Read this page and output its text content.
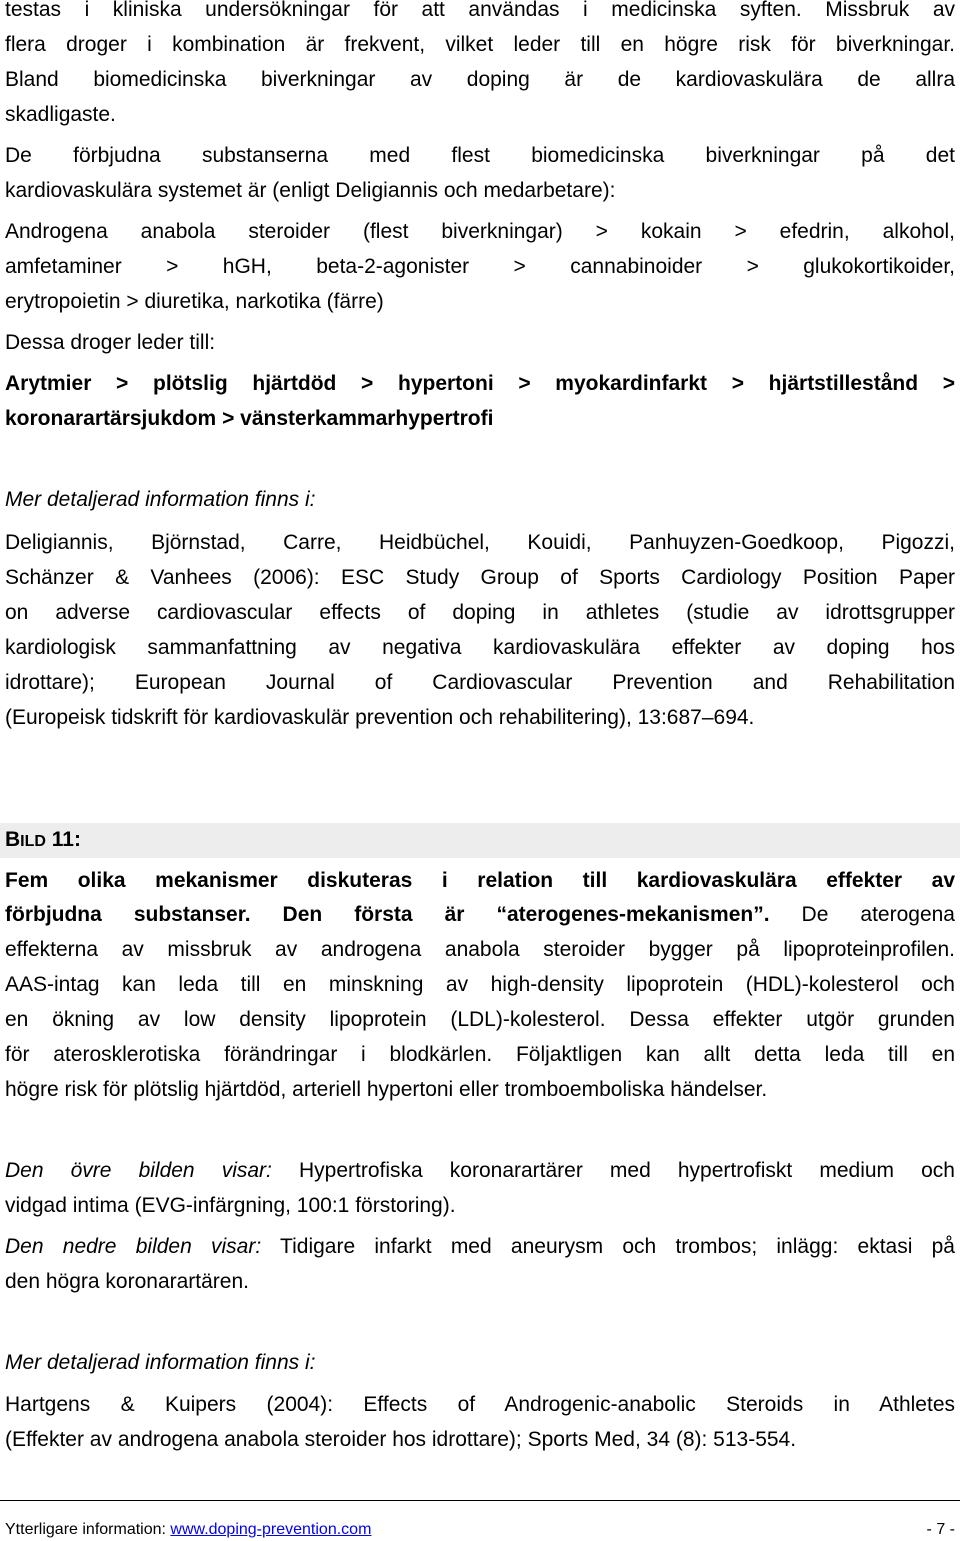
testas i kliniska undersökningar för att användas i medicinska syften. Missbruk av
flera droger i kombination är frekvent, vilket leder till en högre risk för biverkningar.
Bland biomedicinska biverkningar av doping är de kardiovaskulära de allra
skadligaste.
De förbjudna substanserna med flest biomedicinska biverkningar på det
kardiovaskulära systemet är (enligt Deligiannis och medarbetare):
Androgena anabola steroider (flest biverkningar) > kokain > efedrin, alkohol,
amfetaminer > hGH, beta-2-agonister > cannabinoider > glukokortikoider,
erytropoietin > diuretika, narkotika (färre)
Dessa droger leder till:
Arytmier > plötslig hjärtdöd > hypertoni > myokardinfarkt > hjärtstillestånd >
koronarartärsjukdom > vänsterkammarhypertrofi
Mer detaljerad information finns i:
Deligiannis, Björnstad, Carre, Heidbüchel, Kouidi, Panhuyzen-Goedkoop, Pigozzi,
Schänzer & Vanhees (2006): ESC Study Group of Sports Cardiology Position Paper
on adverse cardiovascular effects of doping in athletes (studie av idrottsgrupper
kardiologisk sammanfattning av negativa kardiovaskulära effekter av doping hos
idrottare); European Journal of Cardiovascular Prevention and Rehabilitation
(Europeisk tidskrift för kardiovaskulär prevention och rehabilitering), 13:687–694.
BILD 11:
Fem olika mekanismer diskuteras i relation till kardiovaskulära effekter av
förbjudna substanser. Den första är “aterogenes-mekanismen”. De aterogena
effekterna av missbruk av androgena anabola steroider bygger på lipoproteinprofilen.
AAS-intag kan leda till en minskning av high-density lipoprotein (HDL)-kolesterol och
en ökning av low density lipoprotein (LDL)-kolesterol. Dessa effekter utgör grunden
för aterosklerotiska förändringar i blodkärlen. Följaktligen kan allt detta leda till en
högre risk för plötslig hjärtdöd, arteriell hypertoni eller tromboemboliska händelser.
Den övre bilden visar: Hypertrofiska koronarartärer med hypertrofiskt medium och
vidgad intima (EVG-infärgning, 100:1 förstoring).
Den nedre bilden visar: Tidigare infarkt med aneurysm och trombos; inlägg: ektasi på
den högra koronarartären.
Mer detaljerad information finns i:
Hartgens & Kuipers (2004): Effects of Androgenic-anabolic Steroids in Athletes
(Effekter av androgena anabola steroider hos idrottare); Sports Med, 34 (8): 513-554.
Ytterligare information: www.doping-prevention.com	- 7 -
